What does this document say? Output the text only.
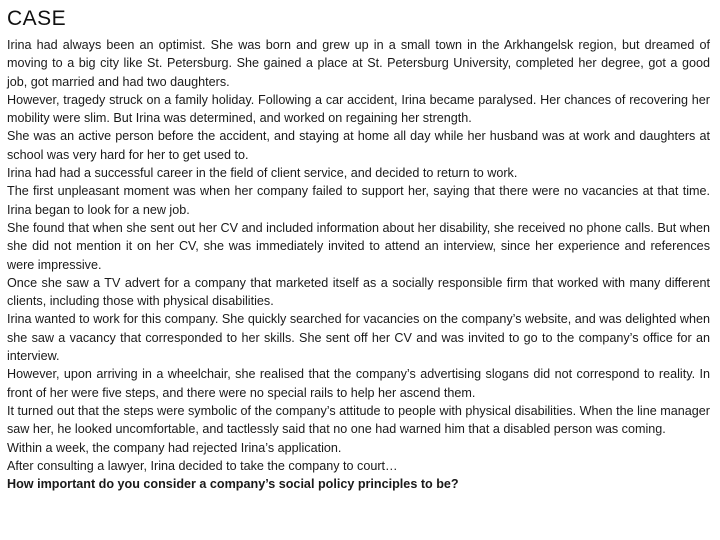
CASE

Irina had always been an optimist. She was born and grew up in a small town in the Arkhangelsk region, but dreamed of moving to a big city like St. Petersburg. She gained a place at St. Petersburg University, completed her degree, got a good job, got married and had two daughters.

However, tragedy struck on a family holiday. Following a car accident, Irina became paralysed. Her chances of recovering her mobility were slim. But Irina was determined, and worked on regaining her strength.

She was an active person before the accident, and staying at home all day while her husband was at work and daughters at school was very hard for her to get used to.

Irina had had a successful career in the field of client service, and decided to return to work.

The first unpleasant moment was when her company failed to support her, saying that there were no vacancies at that time. Irina began to look for a new job.

She found that when she sent out her CV and included information about her disability, she received no phone calls. But when she did not mention it on her CV, she was immediately invited to attend an interview, since her experience and references were impressive.

Once she saw a TV advert for a company that marketed itself as a socially responsible firm that worked with many different clients, including those with physical disabilities.

Irina wanted to work for this company. She quickly searched for vacancies on the company’s website, and was delighted when she saw a vacancy that corresponded to her skills. She sent off her CV and was invited to go to the company’s office for an interview.

However, upon arriving in a wheelchair, she realised that the company’s advertising slogans did not correspond to reality. In front of her were five steps, and there were no special rails to help her ascend them.

It turned out that the steps were symbolic of the company’s attitude to people with physical disabilities. When the line manager saw her, he looked uncomfortable, and tactlessly said that no one had warned him that a disabled person was coming.

Within a week, the company had rejected Irina’s application.

After consulting a lawyer, Irina decided to take the company to court…

How important do you consider a company’s social policy principles to be?
